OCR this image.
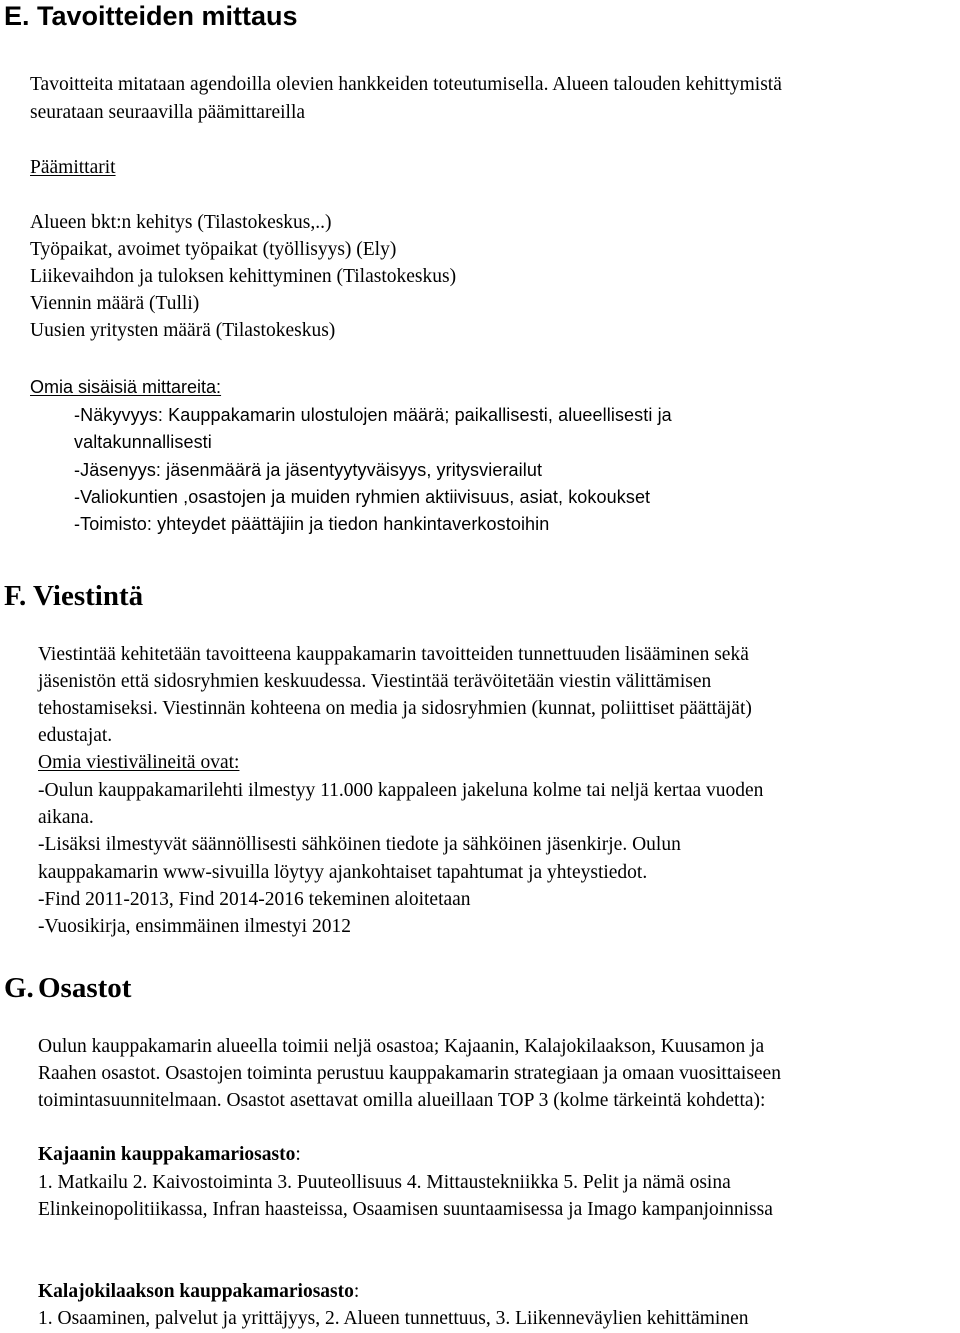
E. Tavoitteiden mittaus
Tavoitteita mitataan agendoilla olevien hankkeiden toteutumisella. Alueen talouden kehittymistä
seurataan seuraavilla päämittareilla
Päämittarit
Alueen bkt:n kehitys (Tilastokeskus,..)
Työpaikat, avoimet työpaikat (työllisyys) (Ely)
Liikevaihdon ja tuloksen kehittyminen (Tilastokeskus)
Viennin määrä (Tulli)
Uusien yritysten määrä (Tilastokeskus)
Omia sisäisiä mittareita:
-Näkyvyys: Kauppakamarin ulostulojen määrä; paikallisesti, alueellisesti ja
valtakunnallisesti
-Jäsenyys: jäsenmäärä ja jäsentyytyväisyys, yritysvierailut
-Valiokuntien ,osastojen ja muiden ryhmien aktiivisuus, asiat, kokoukset
-Toimisto: yhteydet päättäjiin ja tiedon hankintaverkostoihin
F. Viestintä
Viestintää kehitetään tavoitteena kauppakamarin tavoitteiden tunnettuuden lisääminen sekä
jäsenistön että sidosryhmien keskuudessa. Viestintää terävöitetään viestin välittämisen
tehostamiseksi. Viestinnän kohteena on media ja sidosryhmien (kunnat, poliittiset päättäjät)
edustajat.
Omia viestivälineitä ovat:
-Oulun kauppakamarilehti ilmestyy 11.000 kappaleen jakeluna kolme tai neljä kertaa vuoden
aikana.
-Lisäksi ilmestyvät säännöllisesti sähköinen tiedote ja sähköinen jäsenkirje. Oulun
kauppakamarin www-sivuilla löytyy ajankohtaiset tapahtumat ja yhteystiedot.
-Find 2011-2013, Find 2014-2016 tekeminen aloitetaan
-Vuosikirja, ensimmäinen ilmestyi 2012
G. Osastot
Oulun kauppakamarin alueella toimii neljä osastoa; Kajaanin, Kalajokilaakson, Kuusamon ja
Raahen osastot. Osastojen toiminta perustuu kauppakamarin strategiaan ja omaan vuosittaiseen
toimintasuunnitelmaan. Osastot asettavat omilla alueillaan TOP 3 (kolme tärkeintä kohdetta):
Kajaanin kauppakamariosasto:
1. Matkailu 2. Kaivostoiminta 3. Puuteollisuus 4. Mittaustekniikka 5. Pelit ja nämä osina
Elinkeinopolitiikassa, Infran haasteissa, Osaamisen suuntaamisessa ja Imago kampanjoinnissa
Kalajokilaakson kauppakamariosasto:
1. Osaaminen, palvelut ja yrittäjyys, 2. Alueen tunnettuus, 3. Liikenneväylien kehittäminen
